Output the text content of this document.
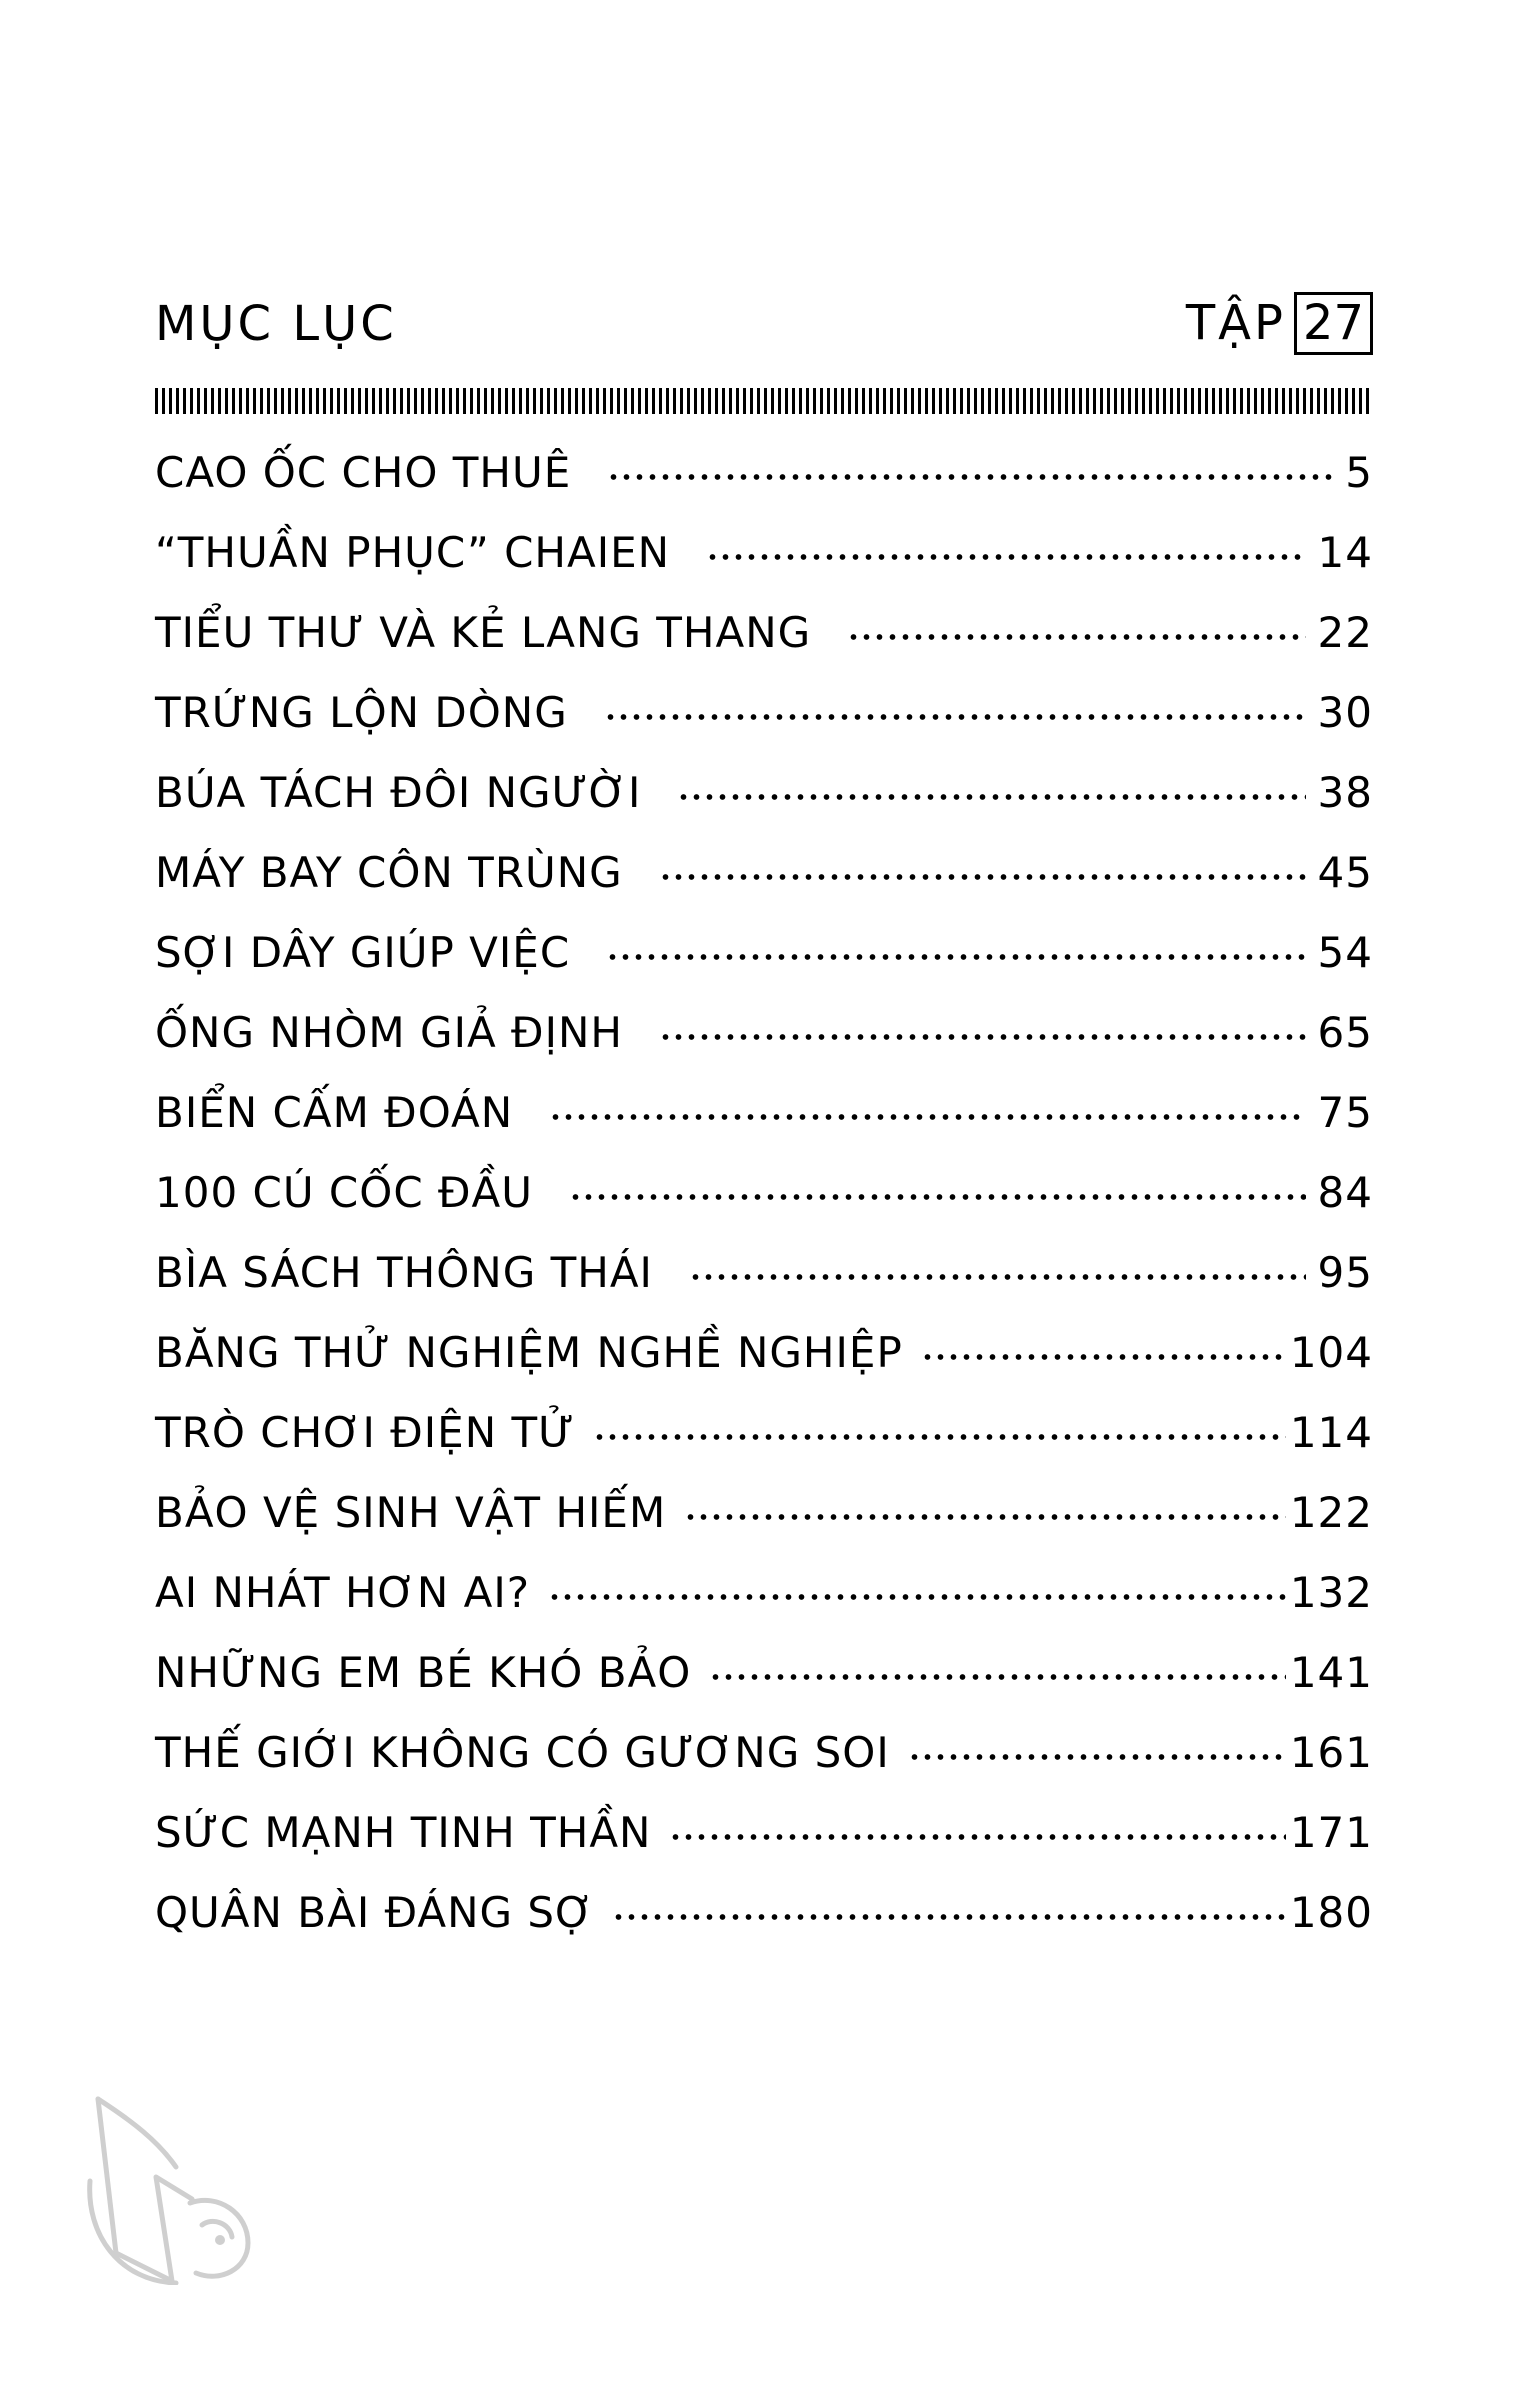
MỤC LỤC	TẬP 27
CAO ỐC CHO THUÊ	5
“THUẦN PHỤC” CHAIEN	14
TIỂU THƯ VÀ KẺ LANG THANG	22
TRỨNG LỘN DÒNG	30
BÚA TÁCH ĐÔI NGƯỜI	38
MÁY BAY CÔN TRÙNG	45
SỢI DÂY GIÚP VIỆC	54
ỐNG NHÒM GIẢ ĐỊNH	65
BIỂN CẤM ĐOÁN	75
100 CÚ CỐC ĐẦU	84
BÌA SÁCH THÔNG THÁI	95
BĂNG THỬ NGHIỆM NGHỀ NGHIỆP	104
TRÒ CHƠI ĐIỆN TỬ	114
BẢO VỆ SINH VẬT HIẾM	122
AI NHÁT HƠN AI?	132
NHỮNG EM BÉ KHÓ BẢO	141
THẾ GIỚI KHÔNG CÓ GƯƠNG SOI	161
SỨC MẠNH TINH THẦN	171
QUÂN BÀI ĐÁNG SỢ	180
